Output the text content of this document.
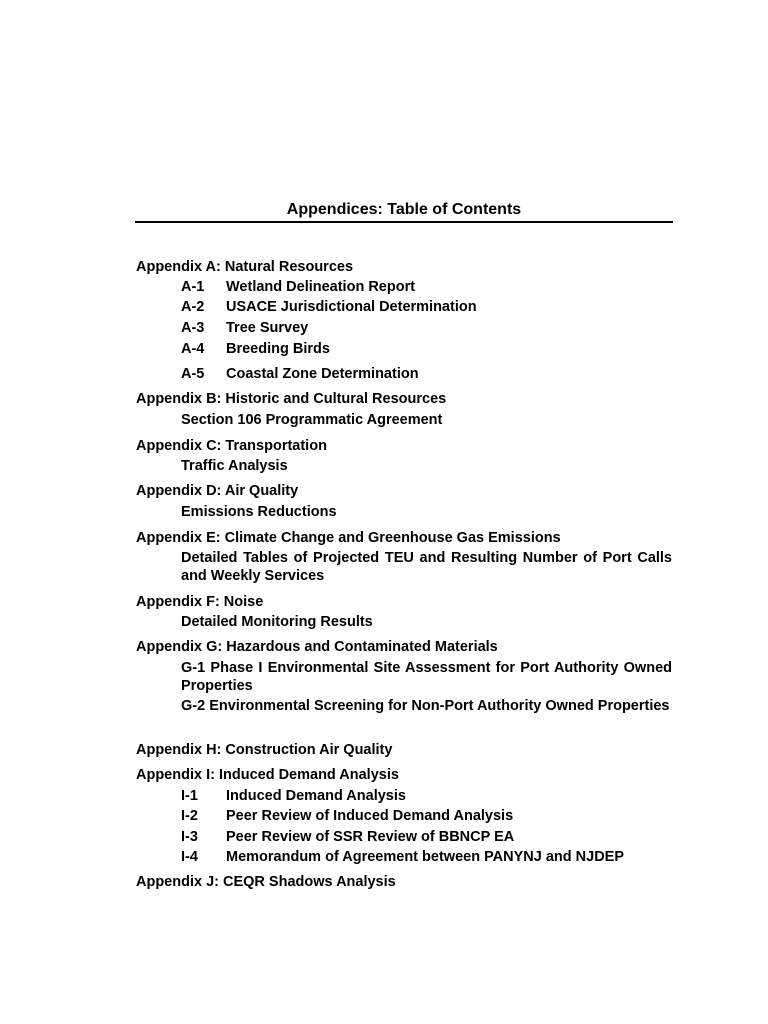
Appendices: Table of Contents
Appendix A: Natural Resources
A-1 Wetland Delineation Report
A-2 USACE Jurisdictional Determination
A-3 Tree Survey
A-4 Breeding Birds
A-5 Coastal Zone Determination
Appendix B: Historic and Cultural Resources
Section 106 Programmatic Agreement
Appendix C: Transportation
Traffic Analysis
Appendix D: Air Quality
Emissions Reductions
Appendix E: Climate Change and Greenhouse Gas Emissions
Detailed Tables of Projected TEU and Resulting Number of Port Calls and Weekly Services
Appendix F: Noise
Detailed Monitoring Results
Appendix G: Hazardous and Contaminated Materials
G-1 Phase I Environmental Site Assessment for Port Authority Owned Properties
G-2 Environmental Screening for Non-Port Authority Owned Properties
Appendix H: Construction Air Quality
Appendix I: Induced Demand Analysis
I-1 Induced Demand Analysis
I-2 Peer Review of Induced Demand Analysis
I-3 Peer Review of SSR Review of BBNCP EA
I-4 Memorandum of Agreement between PANYNJ and NJDEP
Appendix J: CEQR Shadows Analysis
